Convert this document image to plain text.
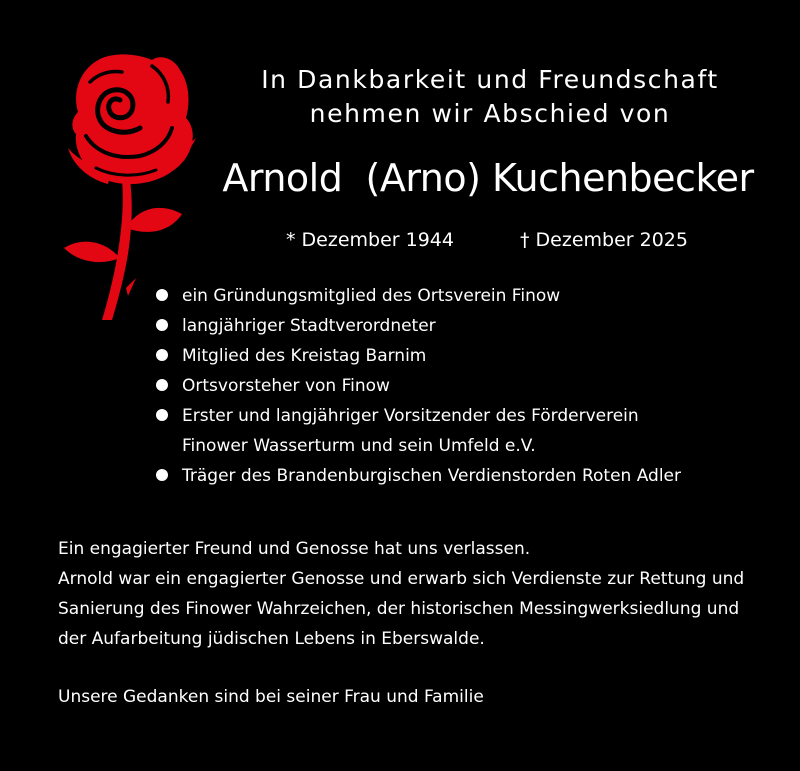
In Dankbarkeit und Freundschaft
nehmen wir Abschied von
Arnold  (Arno) Kuchenbecker
* Dezember 1944	† Dezember 2025
ein Gründungsmitglied des Ortsverein Finow
langjähriger Stadtverordneter
Mitglied des Kreistag Barnim
Ortsvorsteher von Finow
Erster und langjähriger Vorsitzender des Förderverein
Finower Wasserturm und sein Umfeld e.V.
Träger des Brandenburgischen Verdienstorden Roten Adler
Ein engagierter Freund und Genosse hat uns verlassen.
Arnold war ein engagierter Genosse und erwarb sich Verdienste zur Rettung und
Sanierung des Finower Wahrzeichen, der historischen Messingwerksiedlung und
der Aufarbeitung jüdischen Lebens in Eberswalde.
Unsere Gedanken sind bei seiner Frau und Familie
